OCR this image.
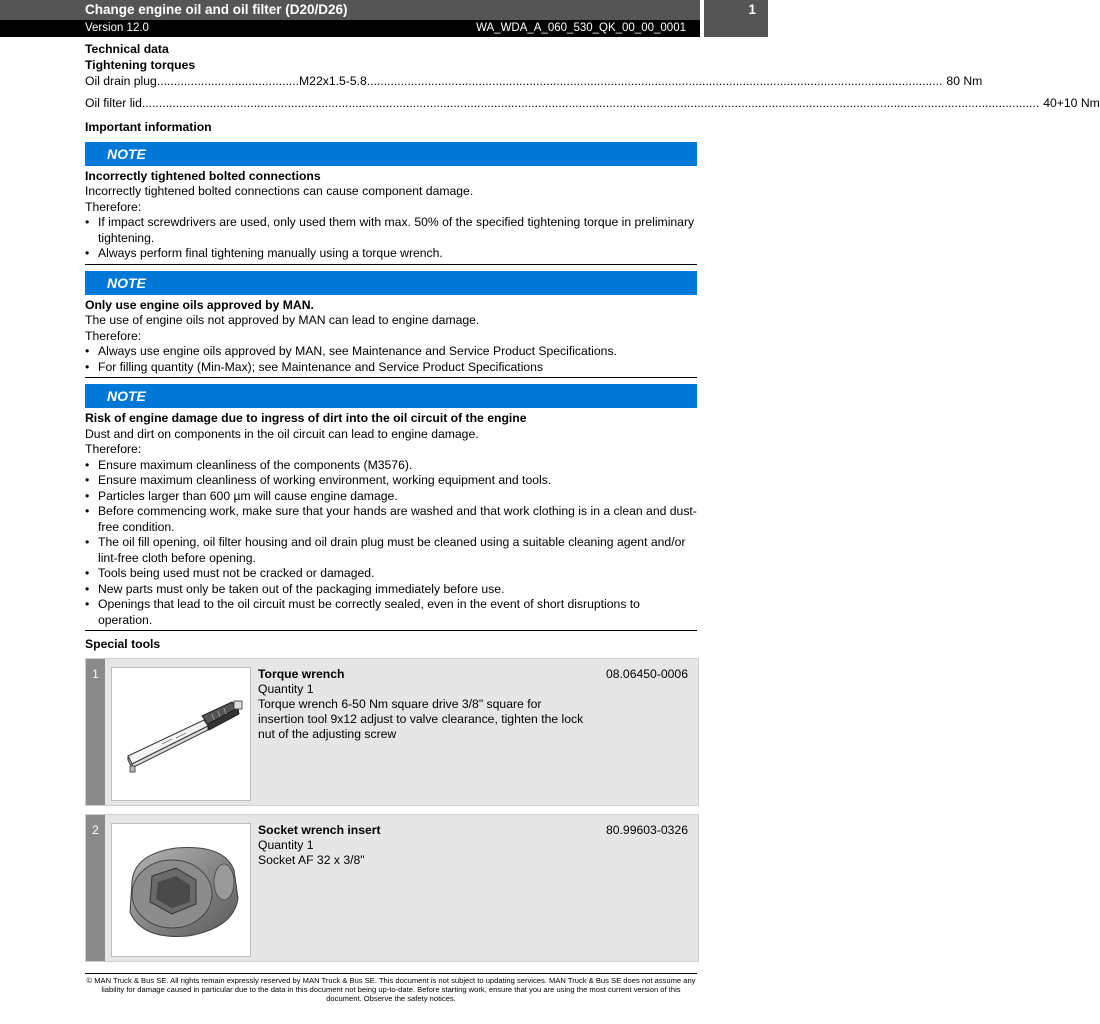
Change engine oil and oil filter (D20/D26)
Version 12.0	WA_WDA_A_060_530_QK_00_00_0001
1
Technical data
Tightening torques
Oil drain plug .......................................... M22x1.5-5.8 .......................................................................................................................................................................... 80 Nm
Oil filter lid ......................................................................................................................................................................................................................................................................... 40+10 Nm
Important information
NOTE
Incorrectly tightened bolted connections
Incorrectly tightened bolted connections can cause component damage.
Therefore:
• If impact screwdrivers are used, only used them with max. 50% of the specified tightening torque in preliminary tightening.
• Always perform final tightening manually using a torque wrench.
NOTE
Only use engine oils approved by MAN.
The use of engine oils not approved by MAN can lead to engine damage.
Therefore:
• Always use engine oils approved by MAN, see Maintenance and Service Product Specifications.
• For filling quantity (Min-Max); see Maintenance and Service Product Specifications
NOTE
Risk of engine damage due to ingress of dirt into the oil circuit of the engine
Dust and dirt on components in the oil circuit can lead to engine damage.
Therefore:
• Ensure maximum cleanliness of the components (M3576).
• Ensure maximum cleanliness of working environment, working equipment and tools.
• Particles larger than 600 µm will cause engine damage.
• Before commencing work, make sure that your hands are washed and that work clothing is in a clean and dust-free condition.
• The oil fill opening, oil filter housing and oil drain plug must be cleaned using a suitable cleaning agent and/or lint-free cloth before opening.
• Tools being used must not be cracked or damaged.
• New parts must only be taken out of the packaging immediately before use.
• Openings that lead to the oil circuit must be correctly sealed, even in the event of short disruptions to operation.
Special tools
1	Torque wrench	08.06450-0006
Quantity 1
Torque wrench 6-50 Nm square drive 3/8" square for insertion tool 9x12 adjust to valve clearance, tighten the lock nut of the adjusting screw
2	Socket wrench insert	80.99603-0326
Quantity 1
Socket AF 32 x 3/8"
© MAN Truck & Bus SE. All rights remain expressly reserved by MAN Truck & Bus SE. This document is not subject to updating services. MAN Truck & Bus SE does not assume any liability for damage caused in particular due to the data in this document not being up-to-date. Before starting work, ensure that you are using the most current version of this document. Observe the safety notices.
